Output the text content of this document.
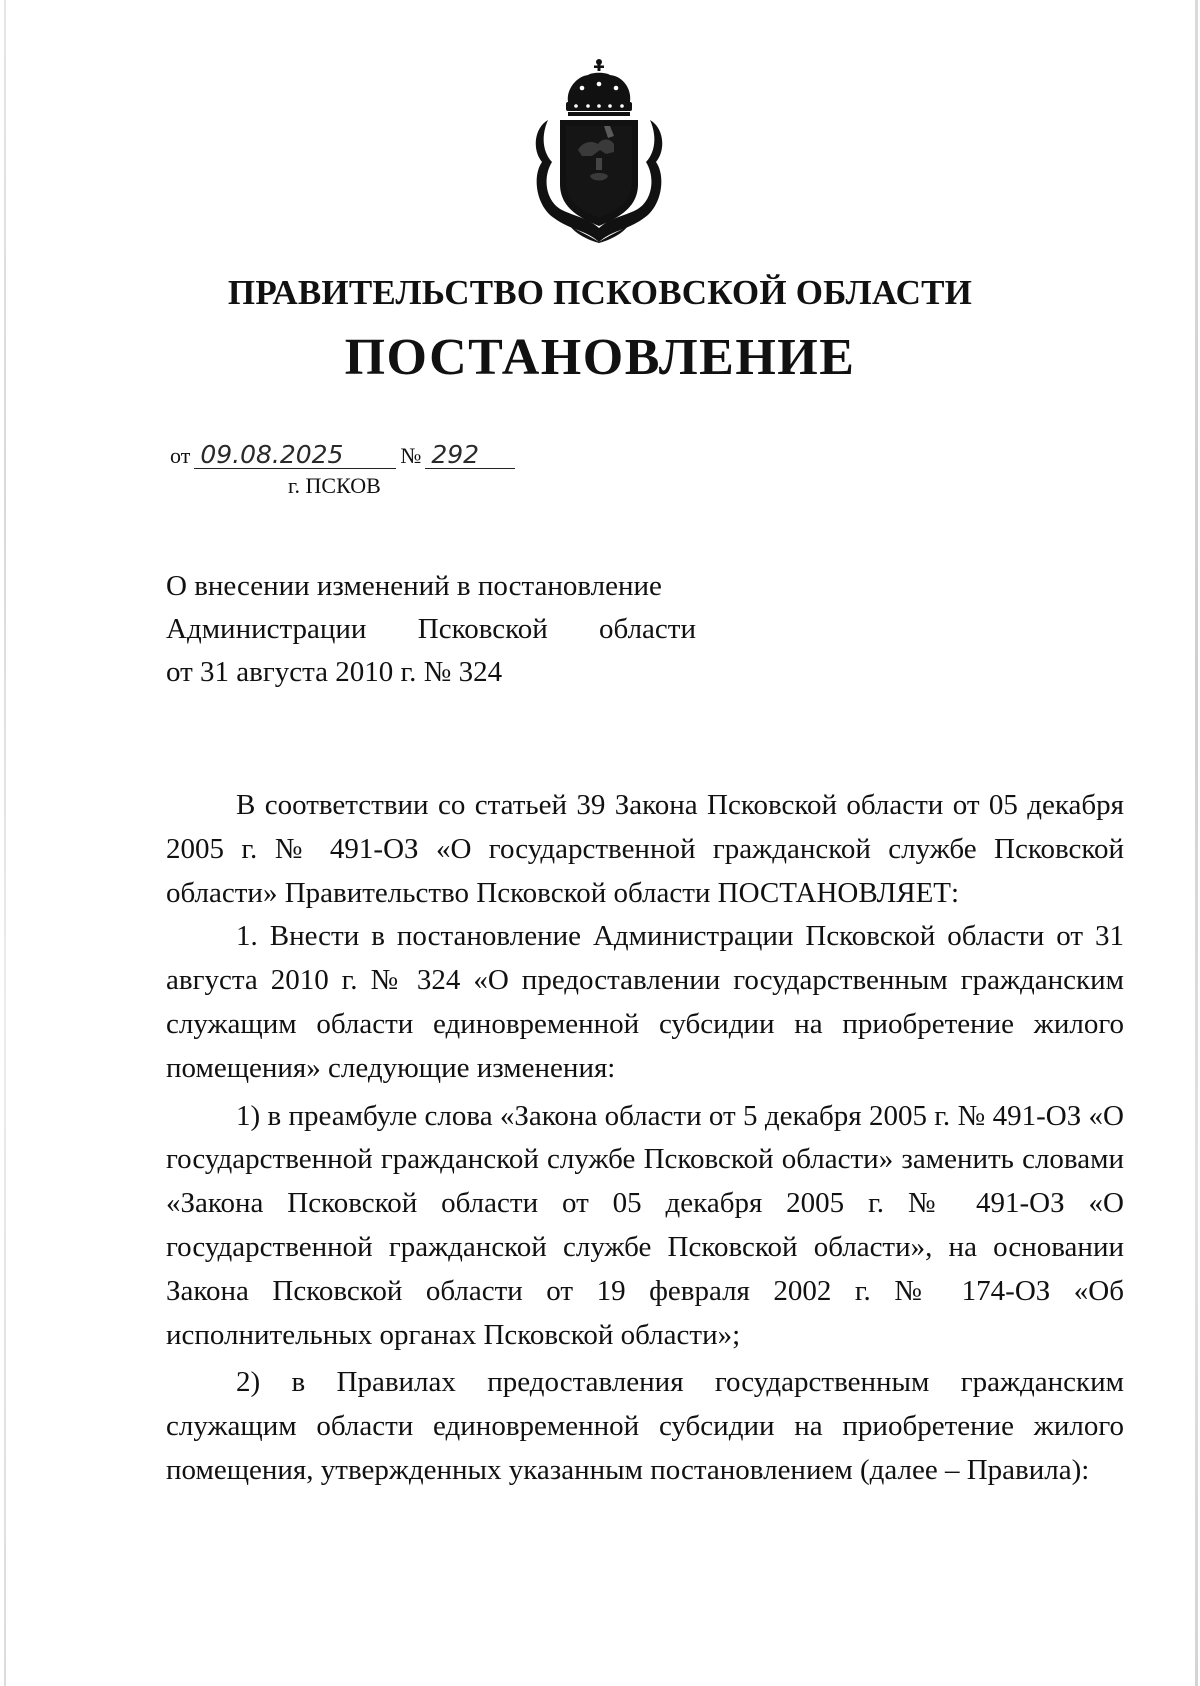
ПРАВИТЕЛЬСТВО ПСКОВСКОЙ ОБЛАСТИ
ПОСТАНОВЛЕНИЕ
от 09.08.2025	№ 292
г. ПСКОВ
О внесении изменений в постановление
Администрации Псковской области
от 31 августа 2010 г. № 324

В соответствии со статьей 39 Закона Псковской области от 05 декабря 2005 г. № 491-ОЗ «О государственной гражданской службе Псковской области» Правительство Псковской области ПОСТАНОВЛЯЕТ:

1. Внести в постановление Администрации Псковской области от 31 августа 2010 г. № 324 «О предоставлении государственным гражданским служащим области единовременной субсидии на приобретение жилого помещения» следующие изменения:

1) в преамбуле слова «Закона области от 5 декабря 2005 г. № 491-ОЗ «О государственной гражданской службе Псковской области» заменить словами «Закона Псковской области от 05 декабря 2005 г. № 491-ОЗ «О государственной гражданской службе Псковской области», на основании Закона Псковской области от 19 февраля 2002 г. № 174-ОЗ «Об исполнительных органах Псковской области»;

2) в Правилах предоставления государственным гражданским служащим области единовременной субсидии на приобретение жилого помещения, утвержденных указанным постановлением (далее – Правила):
